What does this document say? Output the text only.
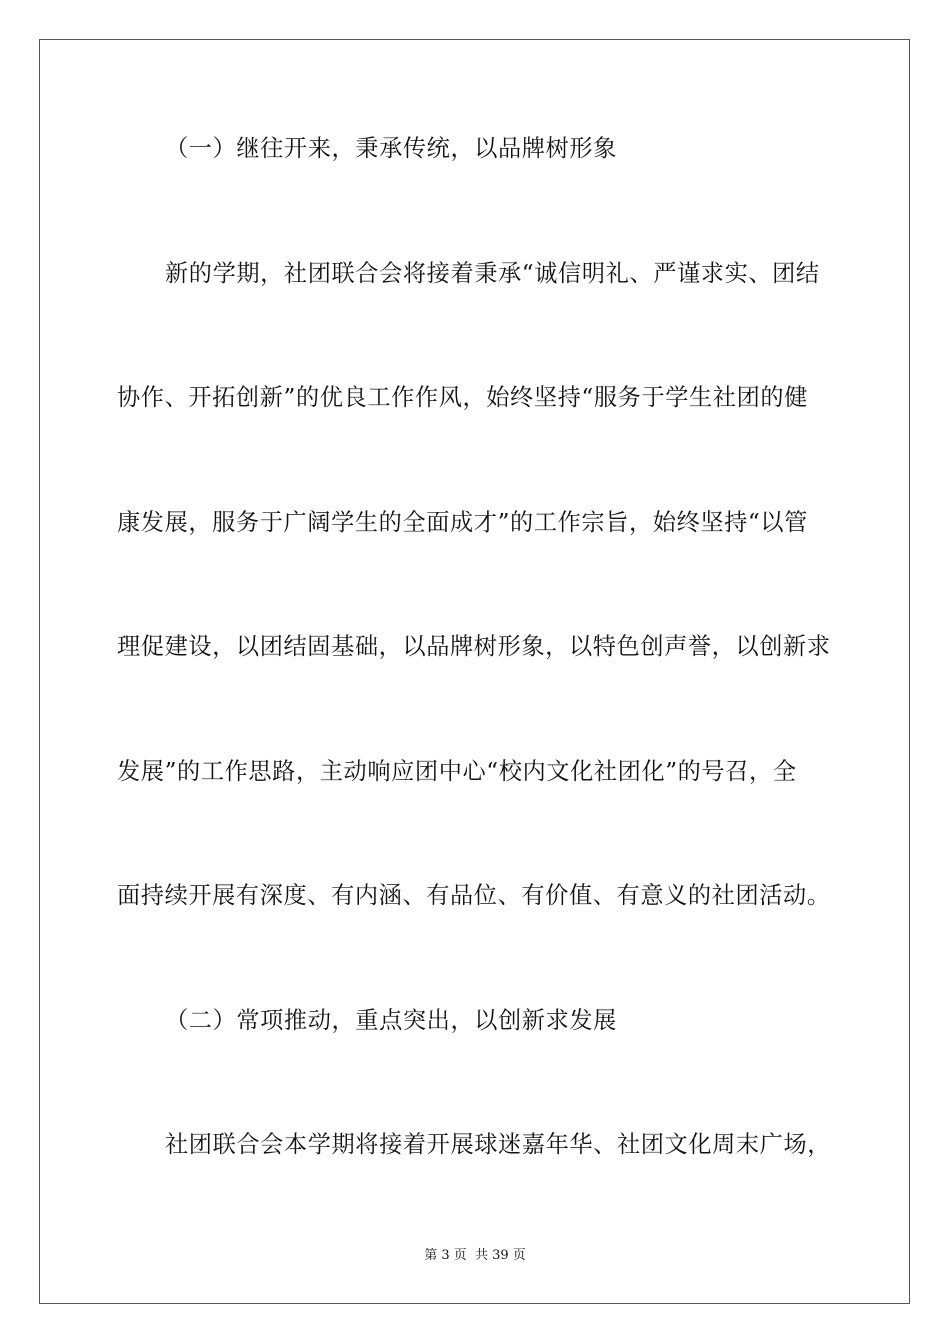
（一）继往开来，秉承传统，以品牌树形象

新的学期，社团联合会将接着秉承“诚信明礼、严谨求实、团结

协作、开拓创新”的优良工作作风，始终坚持“服务于学生社团的健

康发展，服务于广阔学生的全面成才”的工作宗旨，始终坚持“以管

理促建设，以团结固基础，以品牌树形象，以特色创声誉，以创新求

发展”的工作思路，主动响应团中心“校内文化社团化”的号召，全

面持续开展有深度、有内涵、有品位、有价值、有意义的社团活动。

（二）常项推动，重点突出，以创新求发展

社团联合会本学期将接着开展球迷嘉年华、社团文化周末广场，

第 3 页 共 39 页
